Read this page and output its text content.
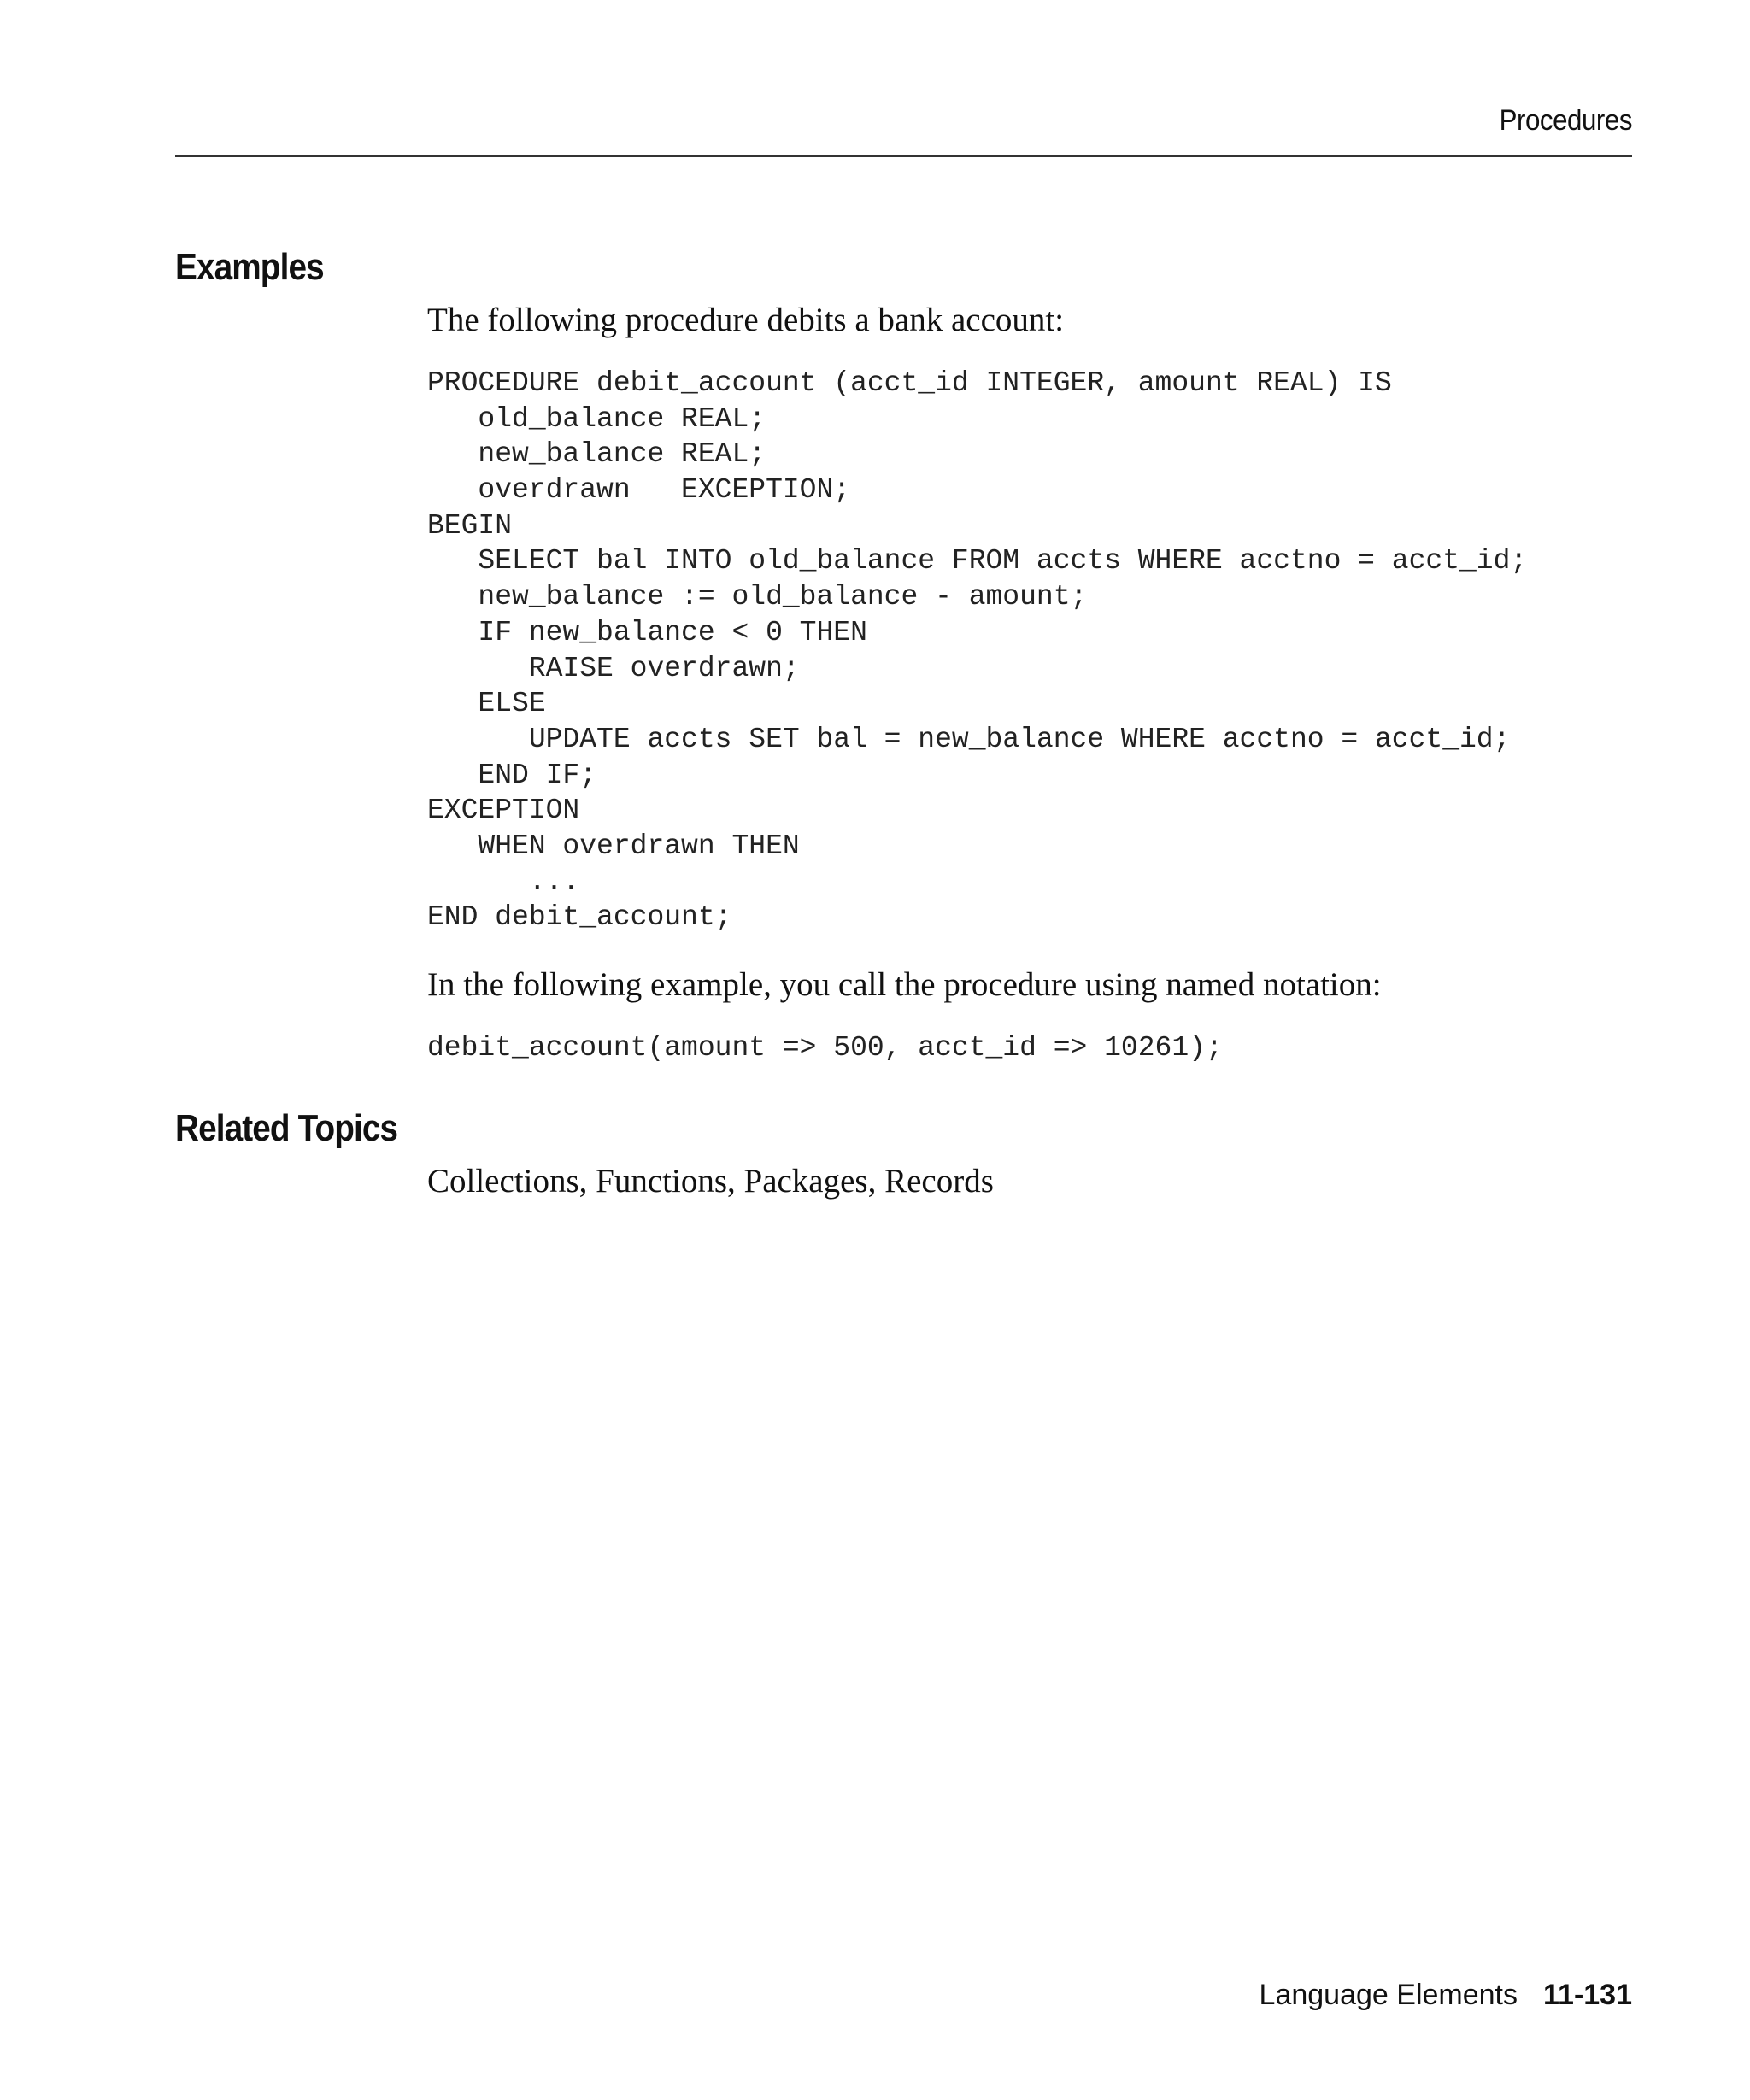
Procedures
Examples
The following procedure debits a bank account:
PROCEDURE debit_account (acct_id INTEGER, amount REAL) IS
old_balance REAL;
new_balance REAL;
overdrawn   EXCEPTION;
BEGIN
SELECT bal INTO old_balance FROM accts WHERE acctno = acct_id;
new_balance := old_balance - amount;
IF new_balance < 0 THEN
RAISE overdrawn;
ELSE
UPDATE accts SET bal = new_balance WHERE acctno = acct_id;
END IF;
EXCEPTION
WHEN overdrawn THEN
...
END debit_account;
In the following example, you call the procedure using named notation:
debit_account(amount => 500, acct_id => 10261);
Related Topics
Collections, Functions, Packages, Records
Language Elements 11-131
